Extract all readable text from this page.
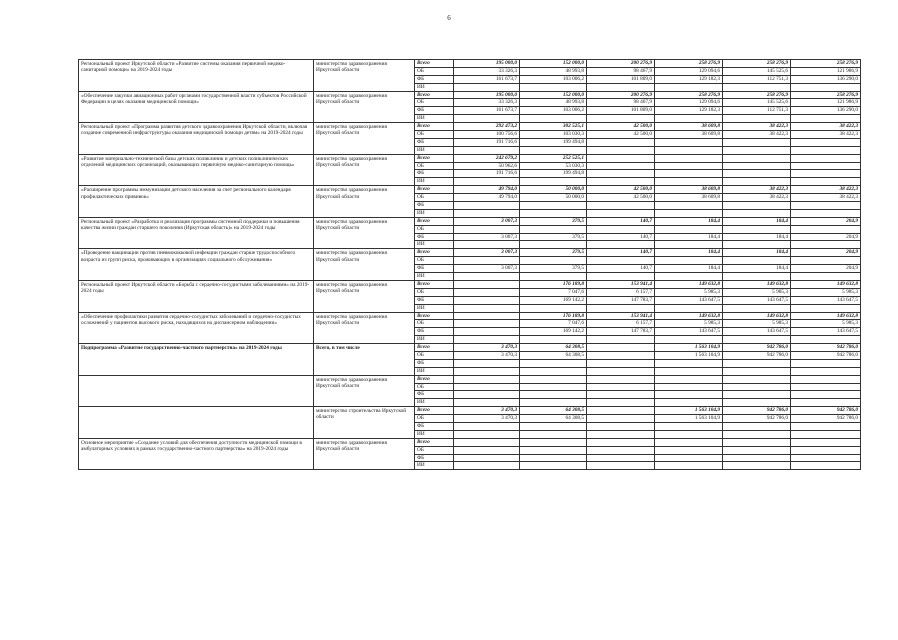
6
Региональный проект Иркутской области «Развитие системы оказания первичной медико-санитарной помощи» на 2019-2024 годы	министерство здравоохранения Иркутской области	Всего	195 000,0	152 000,0	200 276,9	258 276,9	258 276,9	258 276,9
		ОБ	33 326,3	48 993,8	98 467,9	129 094,6	145 525,6	121 986,9
		ФБ	161 673,7	103 006,2	101 809,0	129 182,3	112 751,3	136 290,0
		ИИ						
«Обеспечение закупки авиационных работ органами государственной власти субъектов Российской Федерации в целях оказания медицинской помощи»	министерство здравоохранения Иркутской области	Всего	195 000,0	152 000,0	200 276,9	258 276,9	258 276,9	258 276,9
		ОБ	33 326,3	48 993,8	98 467,9	129 094,6	145 525,6	121 986,9
		ФБ	161 673,7	103 006,2	101 809,0	129 182,3	112 751,3	136 290,0
		ИИ						
Региональный проект «Программа развития детского здравоохранения Иркутской области, включая создание современной инфраструктуры оказания медицинской помощи детям» на 2019-2024 годы	министерство здравоохранения Иркутской области	Всего	292 473,2	302 525,1	42 500,0	38 609,8	38 422,3	38 422,3
		ОБ	100 756,6	103 030,3	42 500,0	38 609,8	38 422,3	38 422,3
		ФБ	191 716,6	199 494,8				
		ИИ						
«Развитие материально-технической базы детских поликлиник и детских поликлинических отделений медицинских организаций, оказывающих первичную медико-санитарную помощь»	министерство здравоохранения Иркутской области	Всего	242 679,2	252 525,1				
		ОБ	50 962,6	53 030,3				
		ФБ	191 716,6	199 494,8				
		ИИ						
«Расширение программы иммунизации детского населения за счет регионального календаря профилактических прививок»	министерство здравоохранения Иркутской области	Всего	49 794,0	50 000,0	42 500,0	38 609,8	38 422,3	38 422,3
		ОБ	49 794,0	50 000,0	42 500,0	38 609,8	38 422,3	38 422,3
		ФБ						
		ИИ						
Региональный проект «Разработка и реализация программы системной поддержки и повышения качества жизни граждан старшего поколения (Иркутская область)» на 2019-2024 годы	министерство здравоохранения Иркутской области	Всего	3 007,3	379,5	140,7	184,4	184,4	204,9
		ОБ						
		ФБ	3 007,3	379,5	140,7	184,4	184,4	204,9
		ИИ						
«Проведение вакцинации против пневмококковой инфекции граждан старше трудоспособного возраста из групп риска, проживающих в организациях социального обслуживания»	министерство здравоохранения Иркутской области	Всего	3 007,3	379,5	140,7	184,4	184,4	204,9
		ОБ						
		ФБ	3 007,3	379,5	140,7	184,4	184,4	204,9
		ИИ						
Региональный проект Иркутской области «Борьба с сердечно-сосудистыми заболеваниями» на 2019-2024 годы	министерство здравоохранения Иркутской области	Всего		176 189,8	153 941,4	149 632,8	149 632,8	149 632,8
		ОБ		7 047,6	6 157,7	5 985,3	5 985,3	5 985,3
		ФБ		169 142,2	147 783,7	143 647,5	143 647,5	143 647,5
		ИИ						
«Обеспечение профилактики развития сердечно-сосудистых заболеваний и сердечно-сосудистых осложнений у пациентов высокого риска, находящихся на диспансерном наблюдении»	министерство здравоохранения Иркутской области	Всего		176 189,8	153 941,4	149 632,8	149 632,8	149 632,8
		ОБ		7 047,6	6 157,7	5 985,3	5 985,3	5 985,3
		ФБ		169 142,2	147 783,7	143 647,5	143 647,5	143 647,5
		ИИ						
Подпрограмма «Развитие государственно-частного партнерства» на 2019-2024 годы	Всего, в том числе	Всего	3 470,3	64 308,5		1 563 104,9	942 786,0	942 786,0
		ОБ	3 470,3	64 308,5		1 563 104,9	942 786,0	942 786,0
		ФБ						
		ИИ						
	министерство здравоохранения Иркутской области	Всего						
		ОБ						
		ФБ						
		ИИ						
	министерство строительства Иркутской области	Всего	3 470,3	64 308,5		1 563 104,9	942 786,0	942 786,0
		ОБ	3 470,3	64 308,5		1 563 104,9	942 786,0	942 786,0
		ФБ						
		ИИ						
Основное мероприятие «Создание условий для обеспечения доступности медицинской помощи в амбулаторных условиях в рамках государственно-частного партнерства» на 2019-2024 годы	министерство здравоохранения Иркутской области	Всего						
		ОБ						
		ФБ						
		ИИ						
